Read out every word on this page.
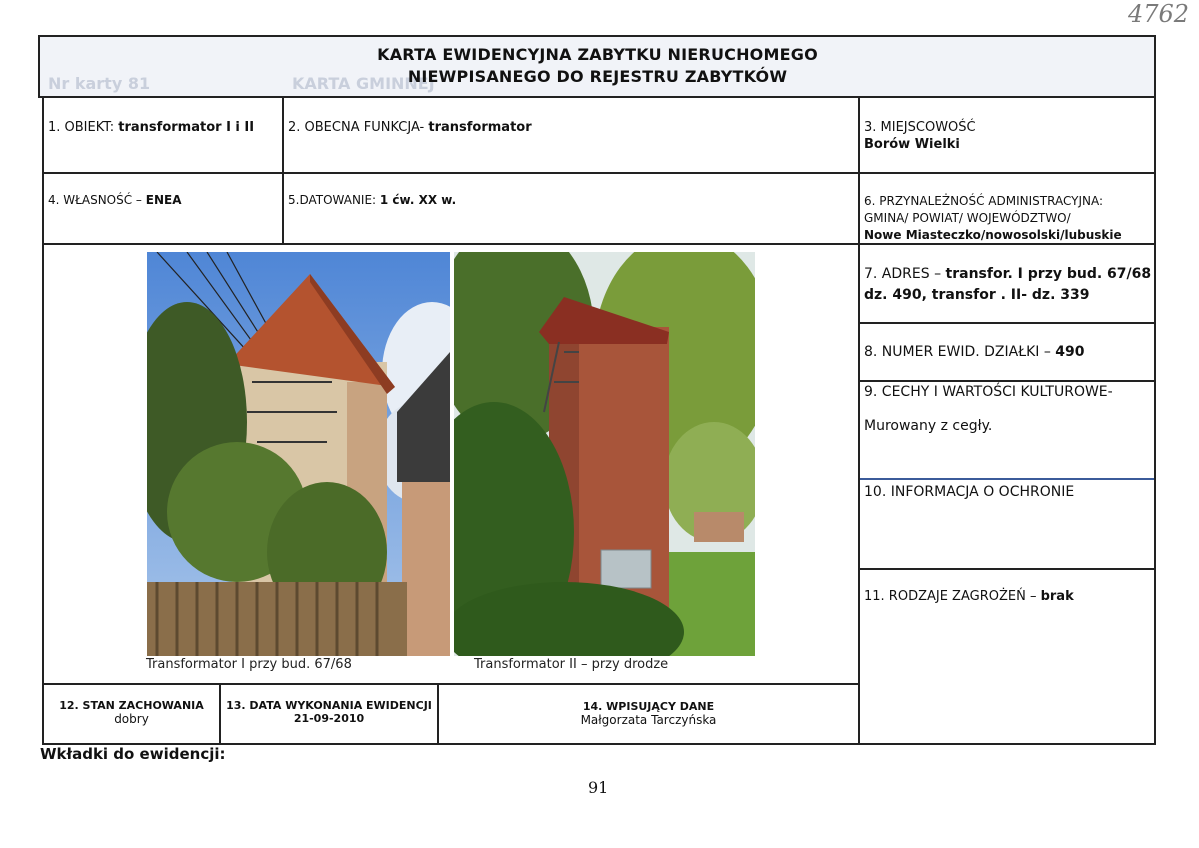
4762
Nr karty 81	KARTA GMINNEJ
KARTA EWIDENCYJNA ZABYTKU NIERUCHOMEGO
NIEWPISANEGO DO REJESTRU ZABYTKÓW
1. OBIEKT: transformator I i II	2. OBECNA FUNKCJA- transformator	3. MIEJSCOWOŚĆ
Borów Wielki
4. WŁASNOŚĆ – ENEA	5.DATOWANIE: 1 ćw. XX w.	6. PRZYNALEŻNOŚĆ ADMINISTRACYJNA:
GMINA/ POWIAT/ WOJEWÓDZTWO/
Nowe Miasteczko/nowosolski/lubuskie
7. ADRES – transfor. I przy bud. 67/68
dz. 490, transfor . II- dz. 339
8. NUMER EWID. DZIAŁKI – 490
9. CECHY I WARTOŚCI KULTUROWE-
Murowany z cegły.
10. INFORMACJA O OCHRONIE
11. RODZAJE ZAGROŻEŃ – brak
Transformator I przy bud. 67/68	Transformator II – przy drodze
12. STAN ZACHOWANIA
dobry
13. DATA WYKONANIA EWIDENCJI
21-09-2010
14. WPISUJĄCY DANE
Małgorzata Tarczyńska
Wkładki do ewidencji:
91
